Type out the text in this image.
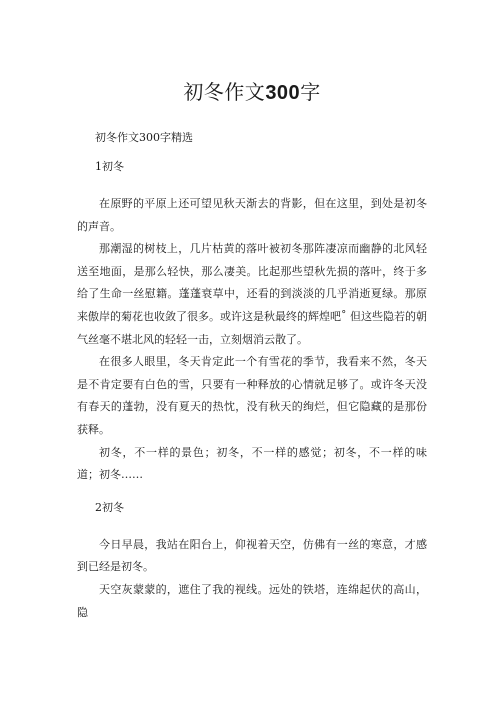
初冬作文300字

初冬作文300字精选

1初冬

在原野的平原上还可望见秋天渐去的背影，但在这里，到处是初冬的声音。

那潮湿的树枝上，几片枯黄的落叶被初冬那阵凄凉而幽静的北风轻送至地面，是那么轻快，那么凄美。比起那些望秋先损的落叶，终于多给了生命一丝慰籍。蓬蓬衰草中，还看的到淡淡的几乎消逝夏绿。那原来傲岸的菊花也收敛了很多。或许这是秋最终的辉煌吧˚ 但这些隐若的朝气丝毫不堪北风的轻轻一击，立刻烟消云散了。

在很多人眼里，冬天肯定此一个有雪花的季节，我看来不然，冬天是不肯定要有白色的雪，只要有一种释放的心情就足够了。或许冬天没有春天的蓬勃，没有夏天的热忱，没有秋天的绚烂，但它隐藏的是那份获释。

初冬，不一样的景色；初冬，不一样的感觉；初冬，不一样的味道；初冬……

2初冬

今日早晨，我站在阳台上，仰视着天空，仿佛有一丝的寒意，才感到已经是初冬。

天空灰蒙蒙的，遮住了我的视线。远处的铁塔，连绵起伏的高山，隐
